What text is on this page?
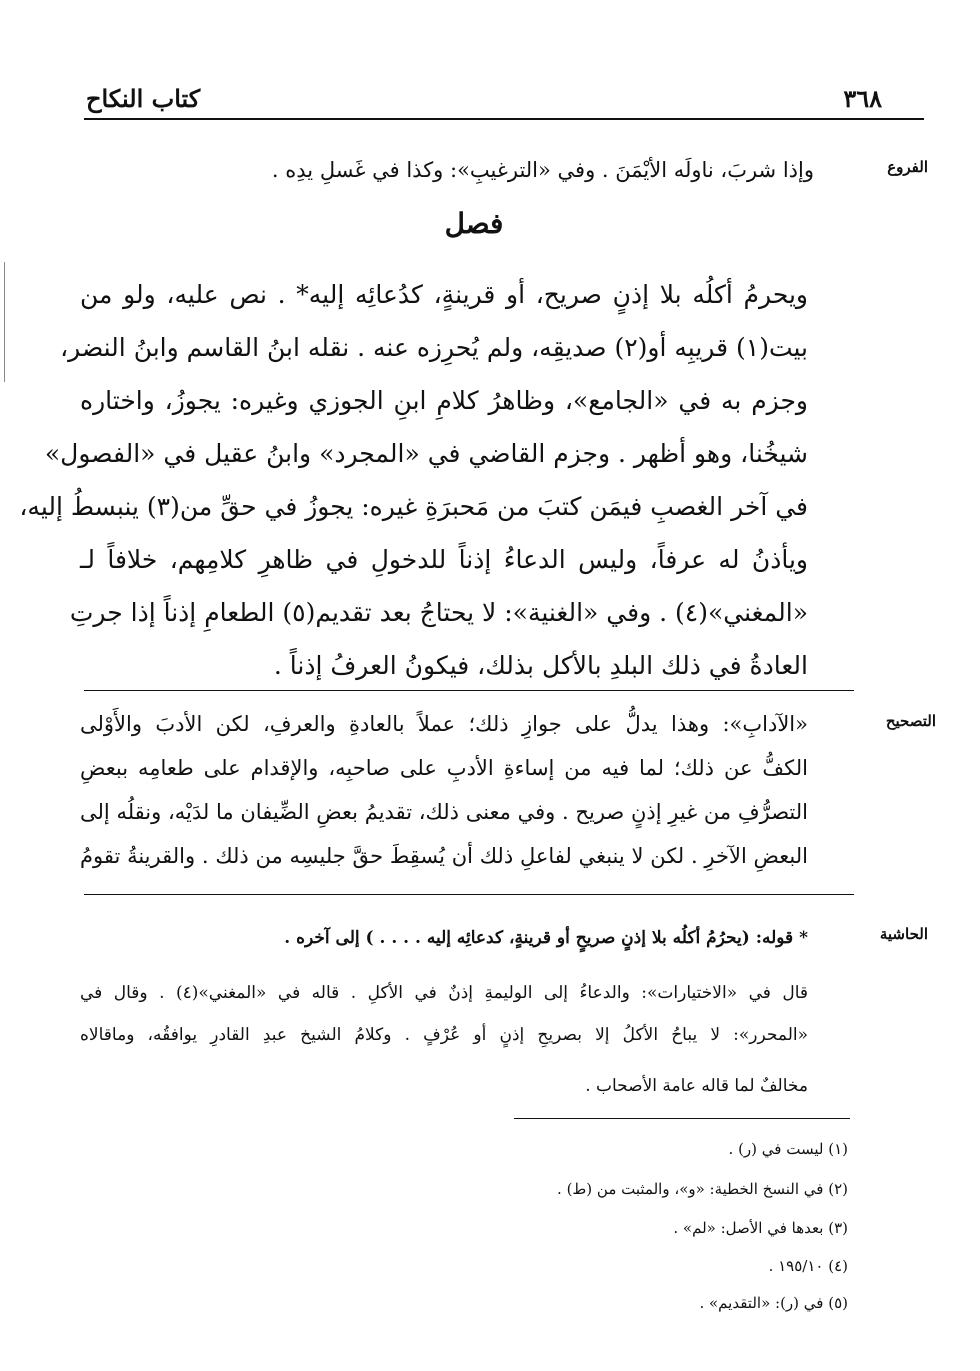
٣٦٨
كتاب النكاح
الفروع
التصحيح
الحاشية
وإذا شربَ، ناولَه الأيْمَنَ . وفي «الترغيبِ»: وكذا في غَسلِ يدِه .
فصل
ويحرمُ أكلُه بلا إذنٍ صريح، أو قرينةٍ، كدُعائِه إليه* . نص عليه، ولو من
بيت(١) قريبِه أو(٢) صديقِه، ولم يُحرِزه عنه . نقله ابنُ القاسم وابنُ النضر،
وجزم به في «الجامع»، وظاهرُ كلامِ ابنِ الجوزي وغيره: يجوزُ، واختاره
شيخُنا، وهو أظهر . وجزم القاضي في «المجرد» وابنُ عقيل في «الفصول»
في آخر الغصبِ فيمَن كتبَ من مَحبرَةِ غيره: يجوزُ في حقِّ من(٣) ينبسطُ إليه،
ويأذنُ له عرفاً، وليس الدعاءُ إذناً للدخولِ في ظاهرِ كلامِهم، خلافاً لـ
«المغني»(٤) . وفي «الغنية»: لا يحتاجُ بعد تقديم(٥) الطعامِ إذناً إذا جرتِ
العادةُ في ذلك البلدِ بالأكل بذلك، فيكونُ العرفُ إذناً .
«الآدابِ»: وهذا يدلُّ على جوازِ ذلك؛ عملاً بالعادةِ والعرفِ، لكن الأدبَ والأَوْلى
الكفُّ عن ذلك؛ لما فيه من إساءةِ الأدبِ على صاحبِه، والإقدام على طعامِه ببعضِ
التصرُّفِ من غيرِ إذنٍ صريح . وفي معنى ذلك، تقديمُ بعضِ الضِّيفان ما لدَيْه، ونقلُه إلى
البعضِ الآخرِ . لكن لا ينبغي لفاعلِ ذلك أن يُسقِطَ حقَّ جليسِه من ذلك . والقرينةُ تقومُ
* قوله: (يحرُمُ أكلُه بلا إذنٍ صريحٍ أو قرينةٍ، كدعائِه إليه . . . . ) إلى آخره .
قال في «الاختيارات»: والدعاءُ إلى الوليمةِ إذنٌ في الأكلِ . قاله في «المغني»(٤) . وقال في
«المحرر»: لا يباحُ الأكلُ إلا بصريحِ إذنٍ أو عُرْفٍ . وكلامُ الشيخ عبدِ القادرِ يوافقُه، وماقالاه
مخالفٌ لما قاله عامة الأصحاب .
(١) ليست في (ر) .
(٢) في النسخ الخطية: «و»، والمثبت من (ط) .
(٣) بعدها في الأصل: «لم» .
(٤) ١٩٥/١٠ .
(٥) في (ر): «التقديم» .
